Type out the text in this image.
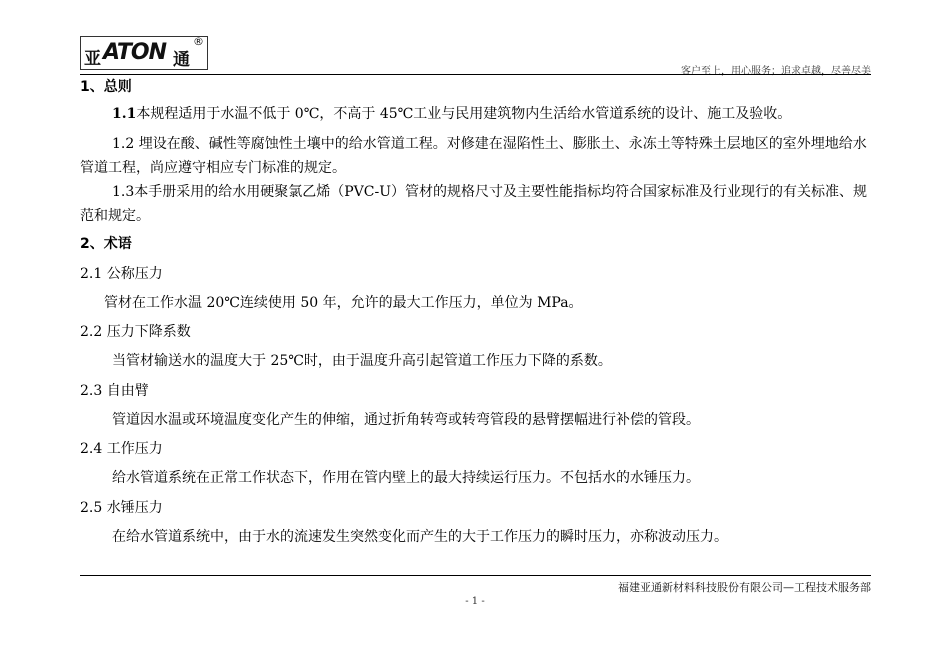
亚 ATON 通
®
客户至上，用心服务；追求卓越，尽善尽美
1、总则

1.1本规程适用于水温不低于 0℃，不高于 45℃工业与民用建筑物内生活给水管道系统的设计、施工及验收。

1.2 埋设在酸、碱性等腐蚀性土壤中的给水管道工程。对修建在湿陷性土、膨胀土、永冻土等特殊土层地区的室外埋地给水管道工程，尚应遵守相应专门标准的规定。

1.3本手册采用的给水用硬聚氯乙烯（PVC-U）管材的规格尺寸及主要性能指标均符合国家标准及行业现行的有关标准、规范和规定。

2、术语
2.1 公称压力
管材在工作水温 20℃连续使用 50 年，允许的最大工作压力，单位为 MPa。
2.2 压力下降系数
当管材输送水的温度大于 25℃时，由于温度升高引起管道工作压力下降的系数。
2.3 自由臂
管道因水温或环境温度变化产生的伸缩，通过折角转弯或转弯管段的悬臂摆幅进行补偿的管段。
2.4 工作压力
给水管道系统在正常工作状态下，作用在管内壁上的最大持续运行压力。不包括水的水锤压力。
2.5 水锤压力
在给水管道系统中，由于水的流速发生突然变化而产生的大于工作压力的瞬时压力，亦称波动压力。
福建亚通新材料科技股份有限公司—工程技术服务部
- 1 -
